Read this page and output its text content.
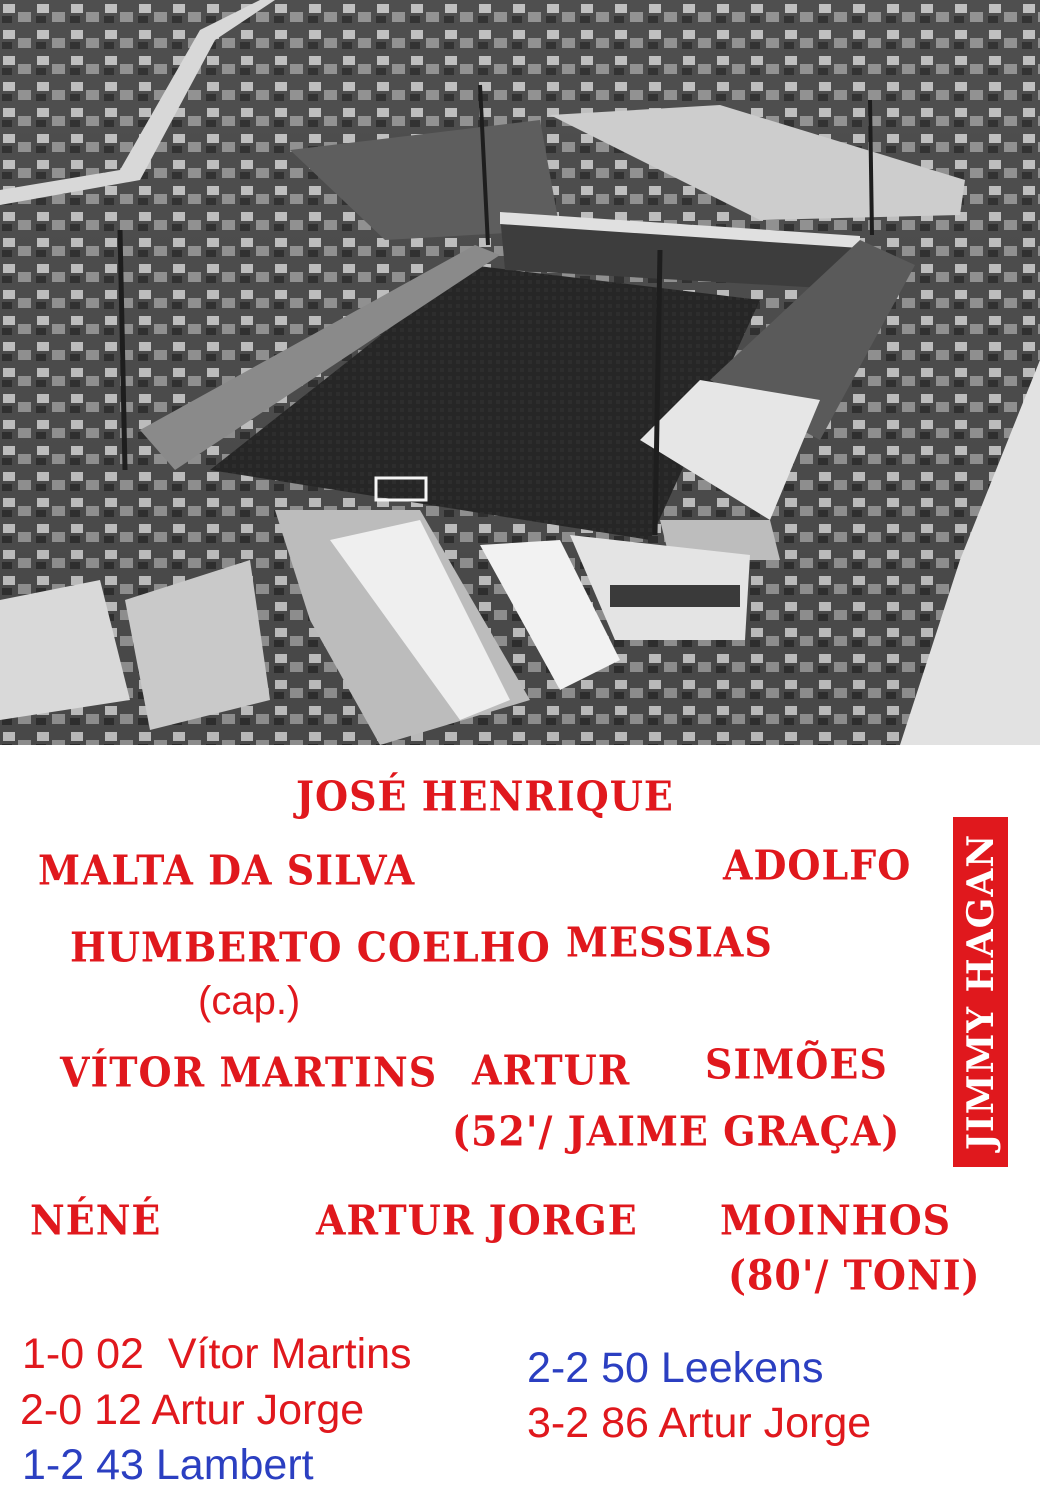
JOSÉ HENRIQUE
MALTA DA SILVA	ADOLFO
HUMBERTO COELHO
(cap.)
MESSIAS
VÍTOR MARTINS ARTUR
(52'/ JAIME GRAÇA)
SIMÕES
NÉNÉ	ARTUR JORGE MOINHOS
(80'/ TONI)
JIMMY HAGAN
1-0 02  Vítor Martins
2-0 12 Artur Jorge
1-2 43 Lambert
2-2 50 Leekens
3-2 86 Artur Jorge
